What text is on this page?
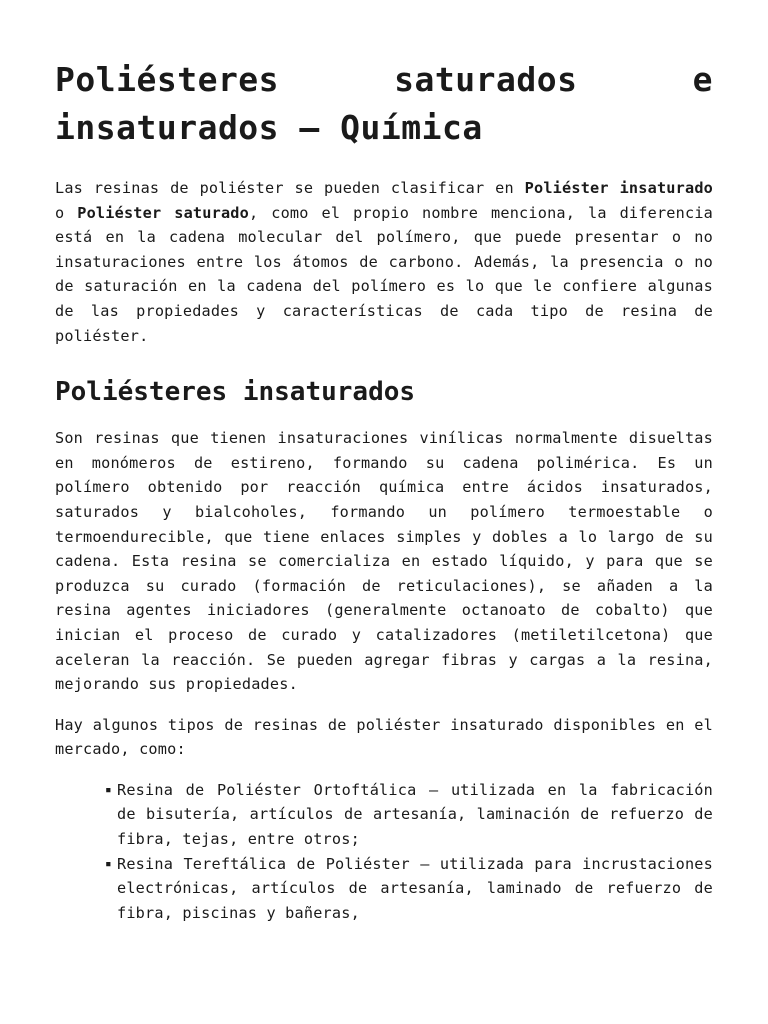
Poliésteres saturados e insaturados – Química

Las resinas de poliéster se pueden clasificar en Poliéster insaturado o Poliéster saturado, como el propio nombre menciona, la diferencia está en la cadena molecular del polímero, que puede presentar o no insaturaciones entre los átomos de carbono. Además, la presencia o no de saturación en la cadena del polímero es lo que le confiere algunas de las propiedades y características de cada tipo de resina de poliéster.

Poliésteres insaturados

Son resinas que tienen insaturaciones vinílicas normalmente disueltas en monómeros de estireno, formando su cadena polimérica. Es un polímero obtenido por reacción química entre ácidos insaturados, saturados y bialcoholes, formando un polímero termoestable o termoendurecible, que tiene enlaces simples y dobles a lo largo de su cadena. Esta resina se comercializa en estado líquido, y para que se produzca su curado (formación de reticulaciones), se añaden a la resina agentes iniciadores (generalmente octanoato de cobalto) que inician el proceso de curado y catalizadores (metiletilcetona) que aceleran la reacción. Se pueden agregar fibras y cargas a la resina, mejorando sus propiedades.

Hay algunos tipos de resinas de poliéster insaturado disponibles en el mercado, como:

▪ Resina de Poliéster Ortoftálica – utilizada en la fabricación de bisutería, artículos de artesanía, laminación de refuerzo de fibra, tejas, entre otros;
▪ Resina Tereftálica de Poliéster – utilizada para incrustaciones electrónicas, artículos de artesanía, laminado de refuerzo de fibra, piscinas y bañeras,
